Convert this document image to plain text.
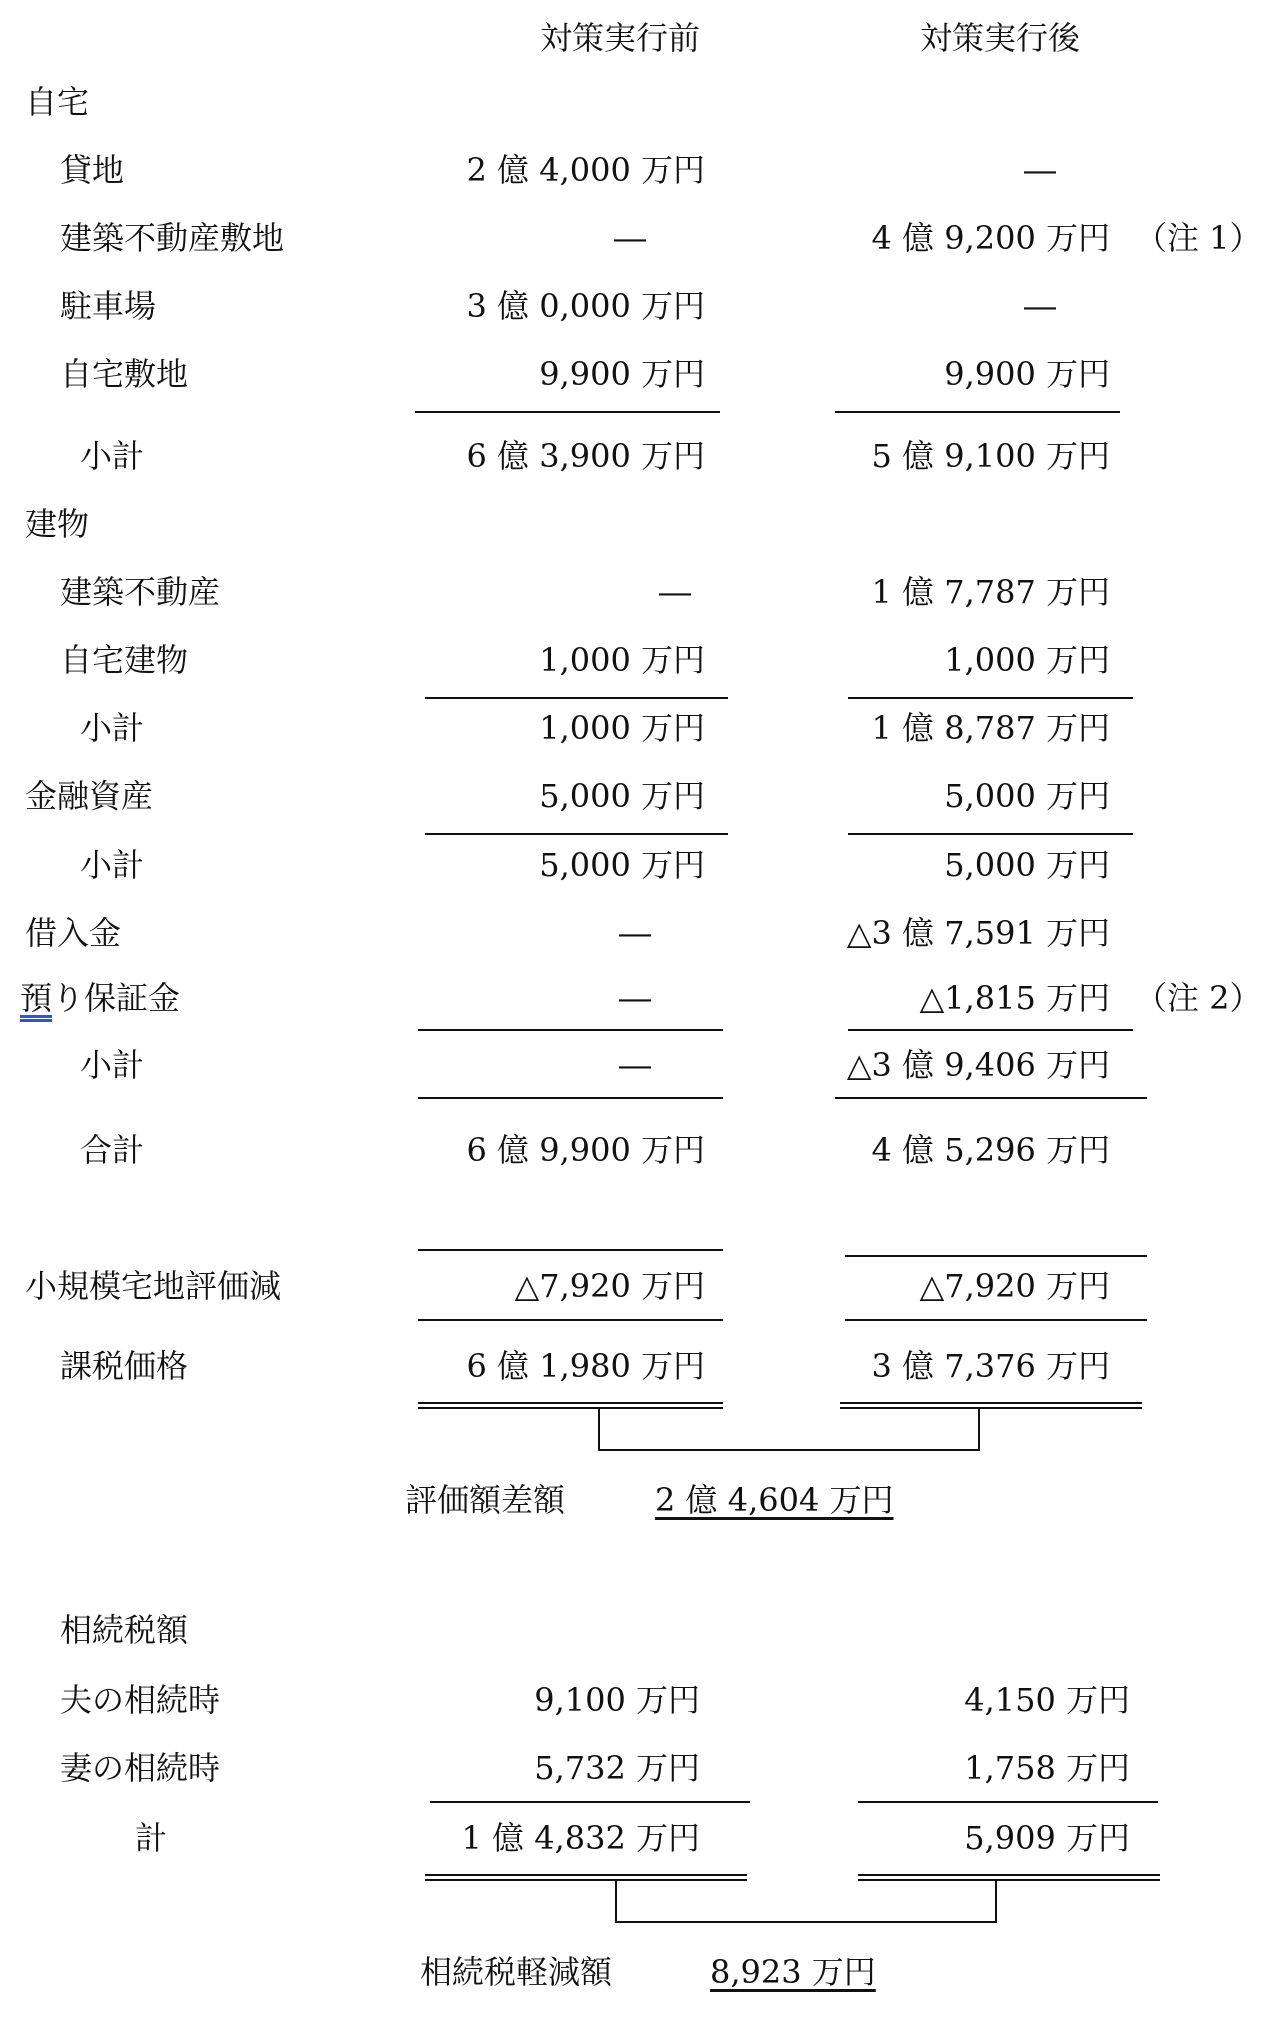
対策実行前	対策実行後
自宅
貸地	2 億 4,000 万円	―
建築不動産敷地	―	4 億 9,200 万円 （注 1）
駐車場	3 億 0,000 万円	―
自宅敷地	9,900 万円	9,900 万円
小計	6 億 3,900 万円	5 億 9,100 万円
建物
建築不動産	―	1 億 7,787 万円
自宅建物	1,000 万円	1,000 万円
小計	1,000 万円	1 億 8,787 万円
金融資産	5,000 万円	5,000 万円
小計	5,000 万円	5,000 万円
借入金	―	△3 億 7,591 万円
預り保証金	―	△1,815 万円 （注 2）
小計	―	△3 億 9,406 万円
合計	6 億 9,900 万円	4 億 5,296 万円
小規模宅地評価減	△7,920 万円	△7,920 万円
課税価格	6 億 1,980 万円	3 億 7,376 万円
評価額差額	2 億 4,604 万円
相続税額
夫の相続時	9,100 万円	4,150 万円
妻の相続時	5,732 万円	1,758 万円
計	1 億 4,832 万円	5,909 万円
相続税軽減額	8,923 万円
